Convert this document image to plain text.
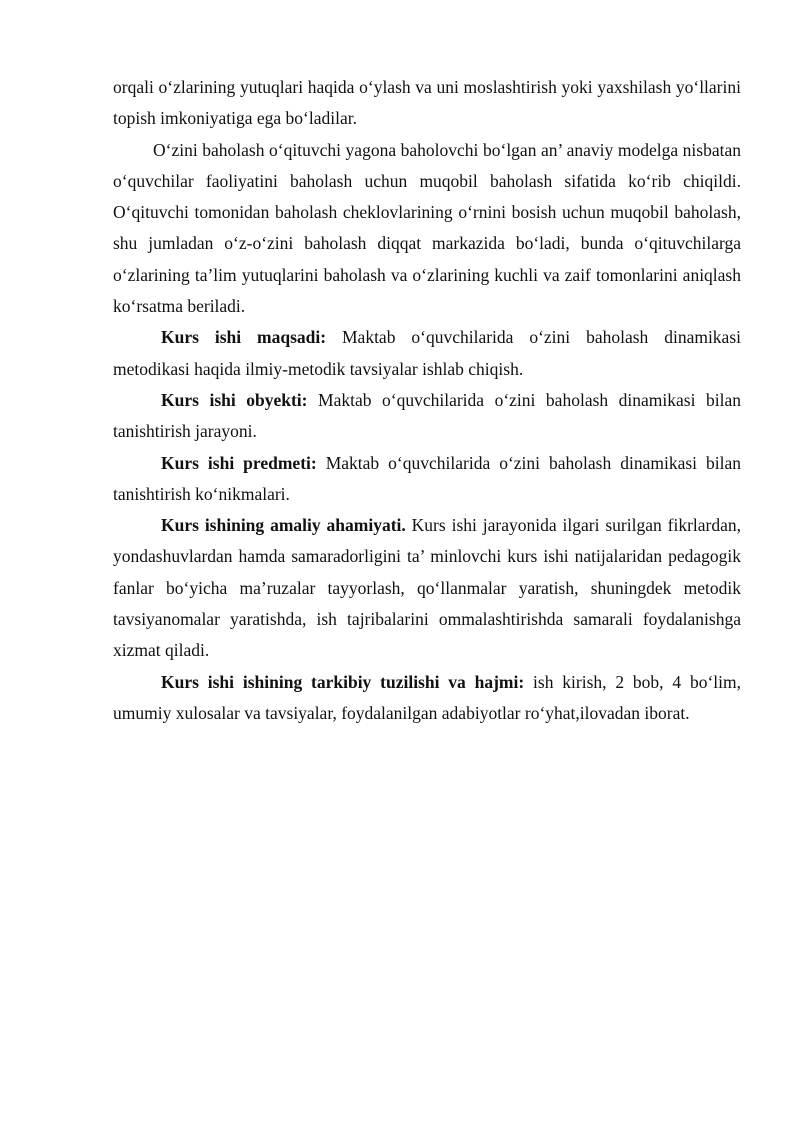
orqali o‘zlarining yutuqlari haqida o‘ylash va uni moslashtirish yoki yaxshilash yo‘llarini topish imkoniyatiga ega bo‘ladilar.

O‘zini baholash o‘qituvchi yagona baholovchi bo‘lgan an’ anaviy modelga nisbatan o‘quvchilar faoliyatini baholash uchun muqobil baholash sifatida ko‘rib chiqildi. O‘qituvchi tomonidan baholash cheklovlarining o‘rnini bosish uchun muqobil baholash, shu jumladan o‘z-o‘zini baholash diqqat markazida bo‘ladi, bunda o‘qituvchilarga o‘zlarining ta’lim yutuqlarini baholash va o‘zlarining kuchli va zaif tomonlarini aniqlash ko‘rsatma beriladi.

Kurs ishi maqsadi: Maktab o‘quvchilarida o‘zini baholash dinamikasi metodikasi haqida ilmiy-metodik tavsiyalar ishlab chiqish.

Kurs ishi obyekti: Maktab o‘quvchilarida o‘zini baholash dinamikasi bilan tanishtirish jarayoni.

Kurs ishi predmeti: Maktab o‘quvchilarida o‘zini baholash dinamikasi bilan tanishtirish ko‘nikmalari.

Kurs ishining amaliy ahamiyati. Kurs ishi jarayonida ilgari surilgan fikrlardan, yondashuvlardan hamda samaradorligini ta’ minlovchi kurs ishi natijalaridan pedagogik fanlar bo‘yicha ma’ruzalar tayyorlash, qo‘llanmalar yaratish, shuningdek metodik tavsiyanomalar yaratishda, ish tajribalarini ommalashtirishda samarali foydalanishga xizmat qiladi.

Kurs ishi ishining tarkibiy tuzilishi va hajmi: ish kirish, 2 bob, 4 bo‘lim, umumiy xulosalar va tavsiyalar, foydalanilgan adabiyotlar ro‘yhat,ilovadan iborat.
